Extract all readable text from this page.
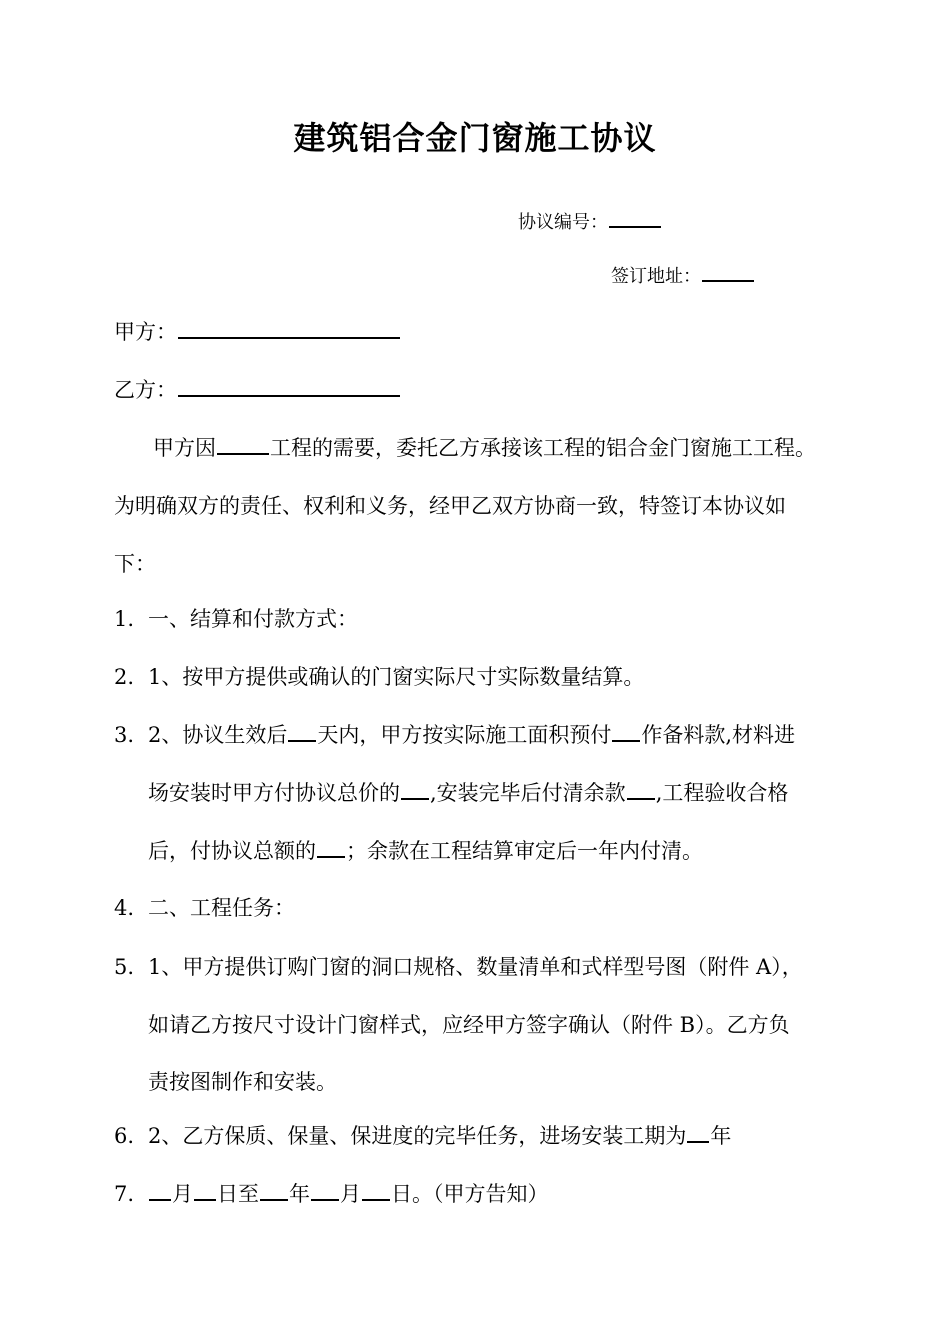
建筑铝合金门窗施工协议
协议编号：
签订地址：
甲方：
乙方：
甲方因	工程的需要，委托乙方承接该工程的铝合金门窗施工工程。
为明确双方的责任、权利和义务，经甲乙双方协商一致，特签订本协议如
下：
1. 一、结算和付款方式：
2. 1、按甲方提供或确认的门窗实际尺寸实际数量结算。
3. 2、协议生效后 天内，甲方按实际施工面积预付 作备料款,材料进
场安装时甲方付协议总价的 ,安装完毕后付清余款 ,工程验收合格
后，付协议总额的 ；余款在工程结算审定后一年内付清。
4. 二、工程任务：
5. 1、甲方提供订购门窗的洞口规格、数量清单和式样型号图（附件 A），
如请乙方按尺寸设计门窗样式，应经甲方签字确认（附件 B）。乙方负
责按图制作和安装。
6. 2、乙方保质、保量、保进度的完毕任务，进场安装工期为 年
7. 月 日至 年 月 日。（甲方告知）
